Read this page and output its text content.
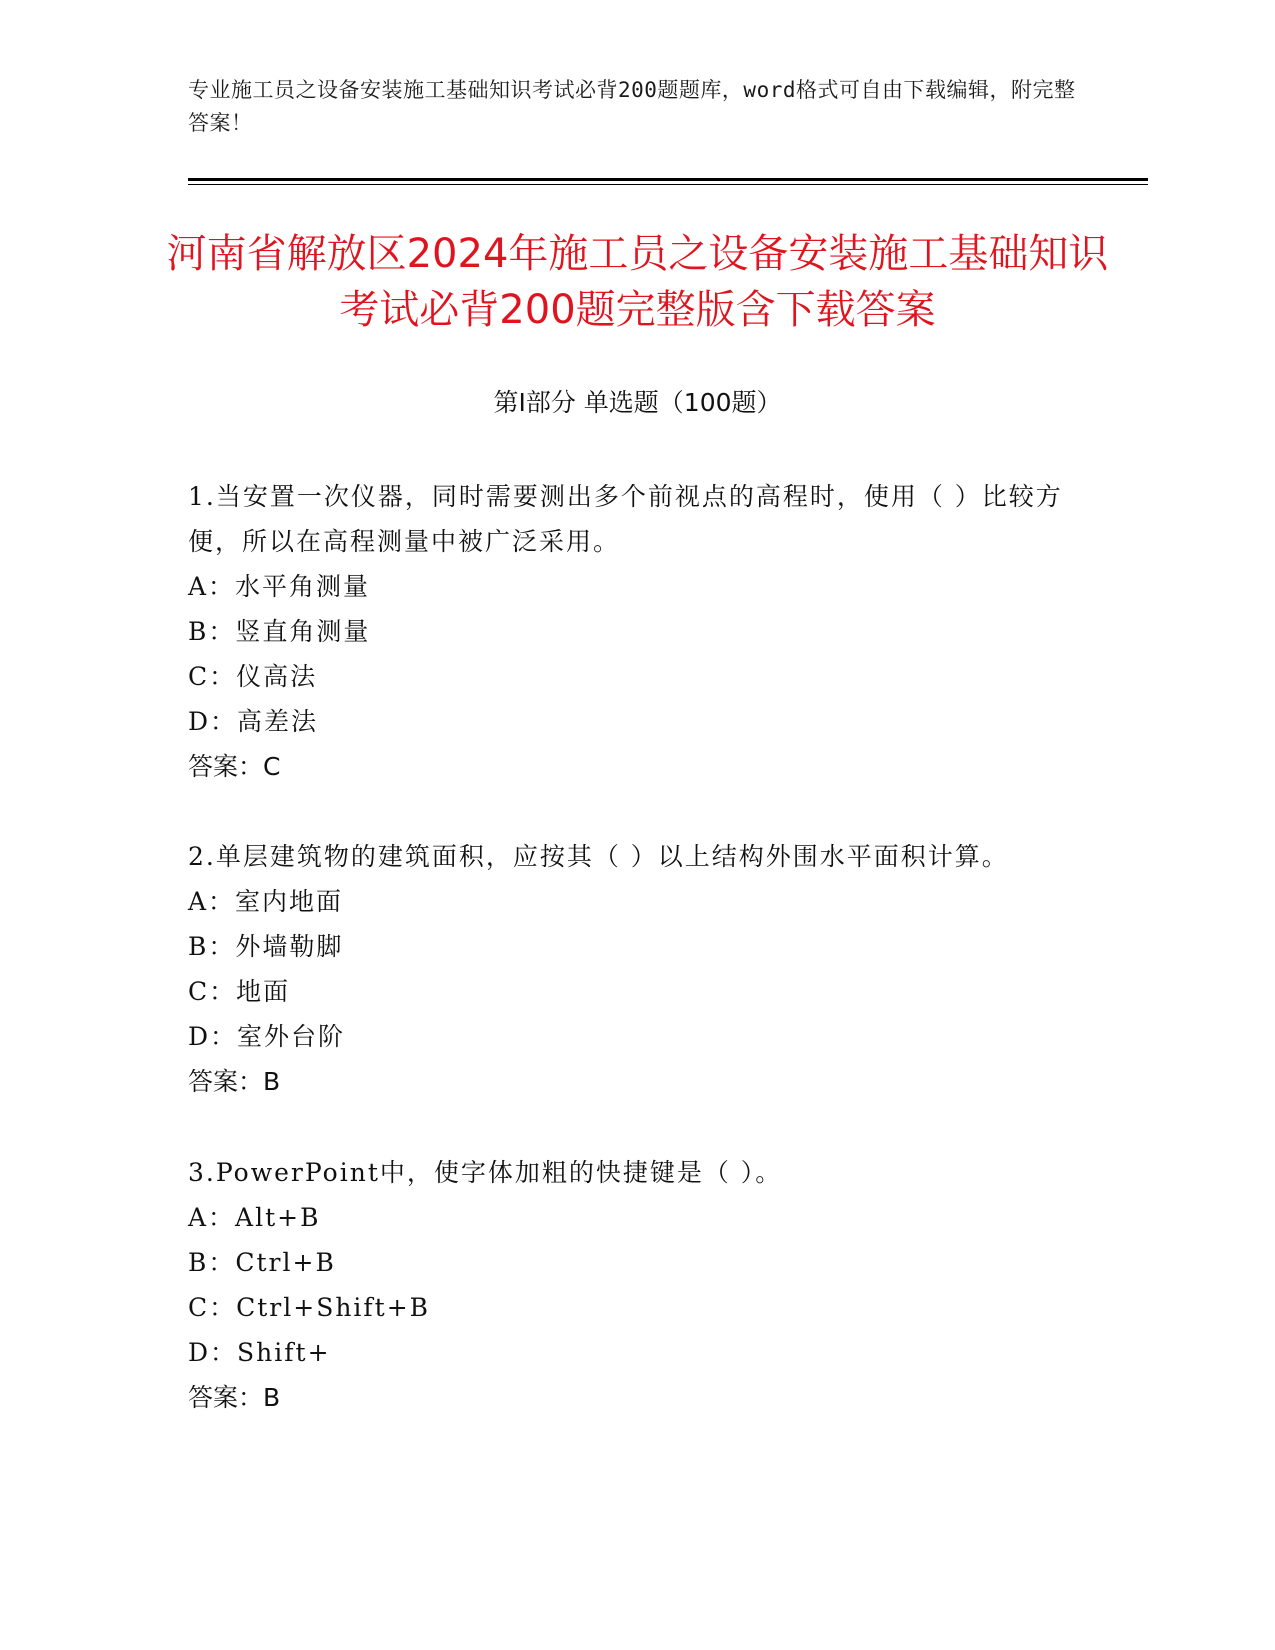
专业施工员之设备安装施工基础知识考试必背200题题库，word格式可自由下载编辑，附完整答案！
河南省解放区2024年施工员之设备安装施工基础知识考试必背200题完整版含下载答案
第I部分 单选题（100题）

1.当安置一次仪器，同时需要测出多个前视点的高程时，使用（ ）比较方便，所以在高程测量中被广泛采用。

A：水平角测量

B：竖直角测量

C：仪高法

D：高差法

答案：C

2.单层建筑物的建筑面积，应按其（ ）以上结构外围水平面积计算。

A：室内地面

B：外墙勒脚

C：地面

D：室外台阶

答案：B

3.PowerPoint中，使字体加粗的快捷键是（ ）。

A：Alt+B

B：Ctrl+B

C：Ctrl+Shift+B

D：Shift+

答案：B
